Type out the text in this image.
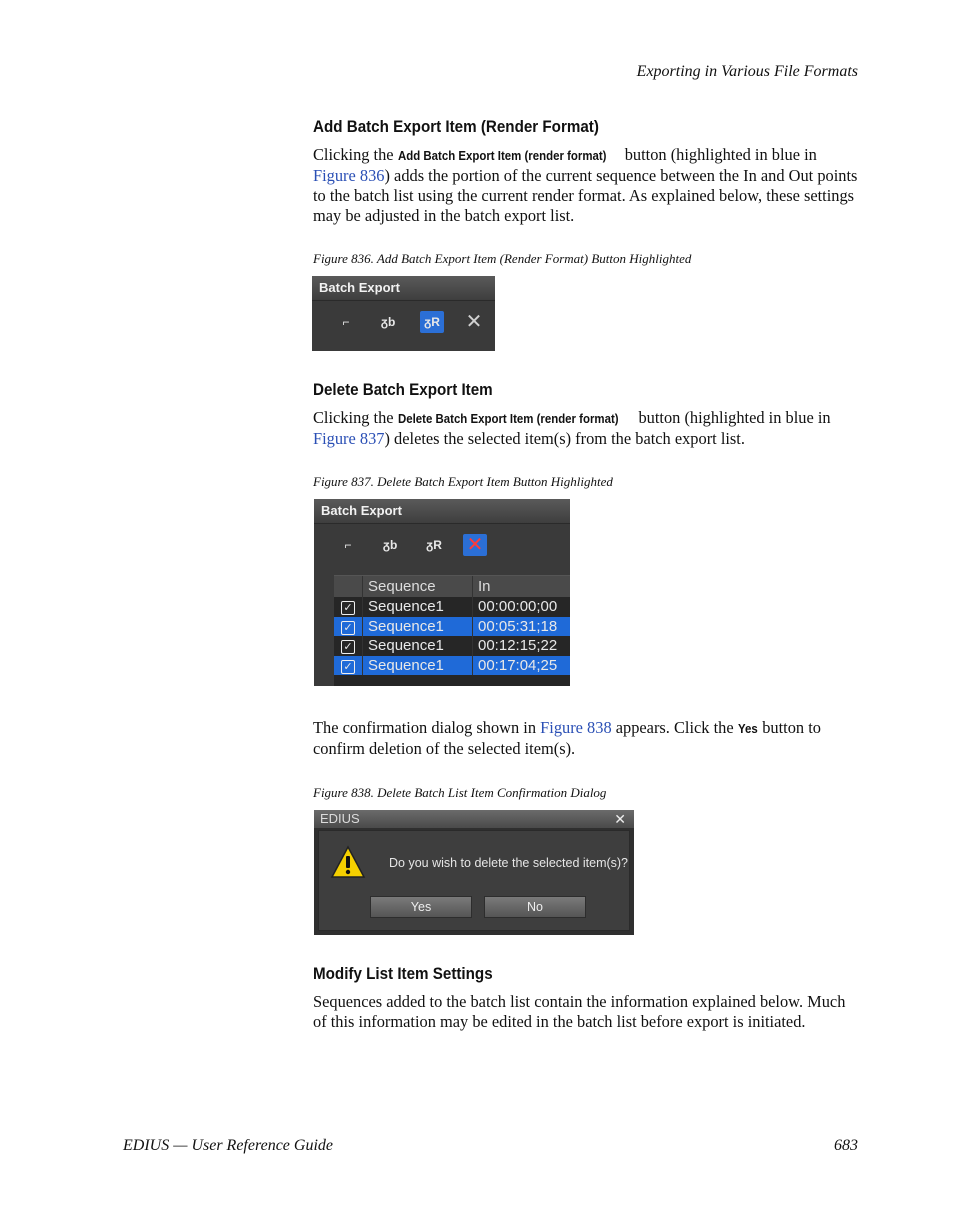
Exporting in Various File Formats
Add Batch Export Item (Render Format)

Clicking the Add Batch Export Item (render format) button (highlighted in blue in Figure 836) adds the portion of the current sequence between the In and Out points to the batch list using the current render format. As explained below, these settings may be adjusted in the batch export list.

Figure 836. Add Batch Export Item (Render Format) Button Highlighted
Batch Export
⌐	ᵹb	ᵹR ✕
Delete Batch Export Item

Clicking the Delete Batch Export Item (render format) button (highlighted in blue in Figure 837) deletes the selected item(s) from the batch export list.

Figure 837. Delete Batch Export Item Button Highlighted
Batch Export
⌐	ᵹb	ᵹR ✕
Sequence	In
✓	Sequence1	00:00:00;00
✓	Sequence1	00:05:31;18
✓	Sequence1	00:12:15;22
✓	Sequence1	00:17:04;25

The confirmation dialog shown in Figure 838 appears. Click the Yes button to confirm deletion of the selected item(s).

Figure 838. Delete Batch List Item Confirmation Dialog
EDIUS	✕
Do you wish to delete the selected item(s)?
Yes	No
Modify List Item Settings

Sequences added to the batch list contain the information explained below. Much of this information may be edited in the batch list before export is initiated.

EDIUS — User Reference Guide	683
